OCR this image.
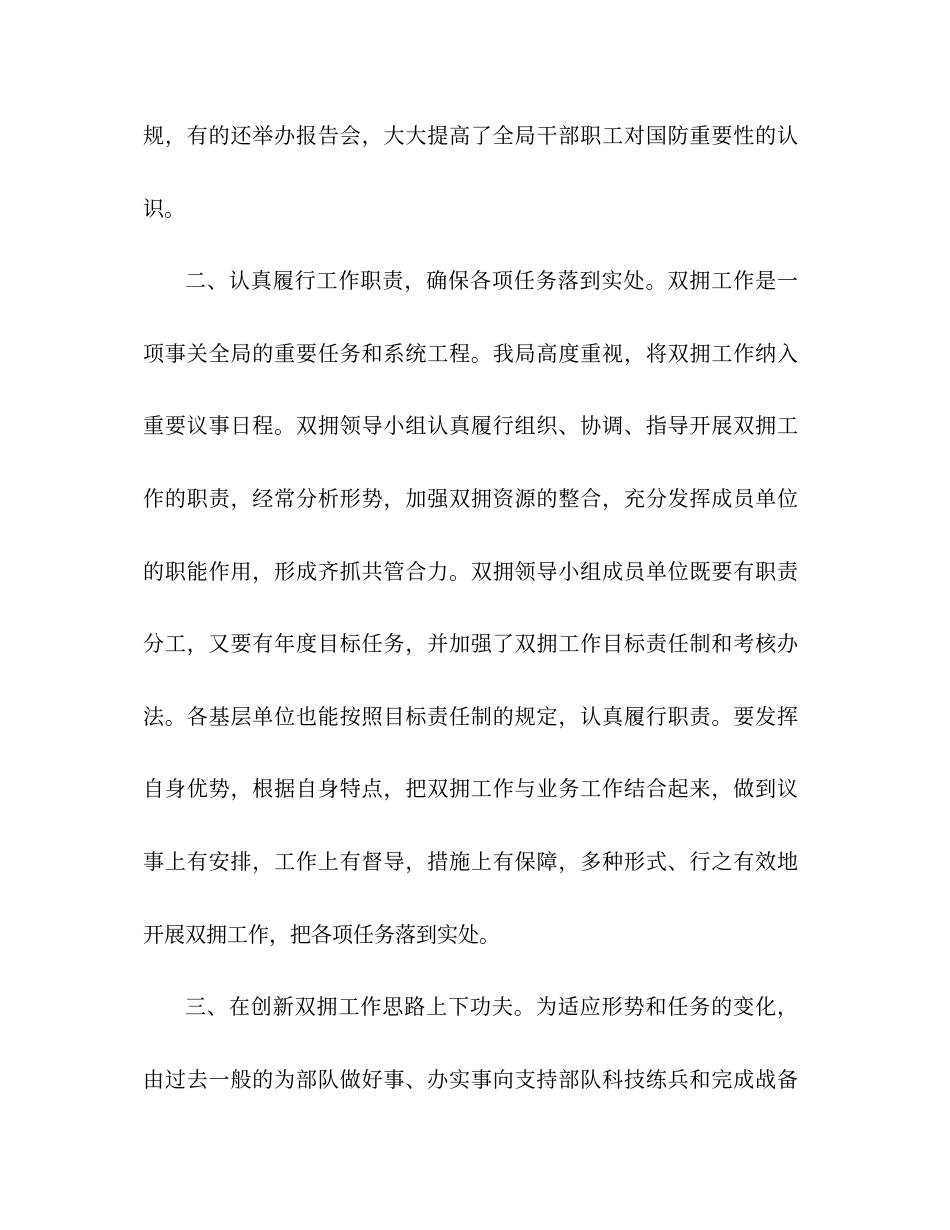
规，有的还举办报告会，大大提高了全局干部职工对国防重要性的认
识。
二、认真履行工作职责，确保各项任务落到实处。双拥工作是一
项事关全局的重要任务和系统工程。我局高度重视，将双拥工作纳入
重要议事日程。双拥领导小组认真履行组织、协调、指导开展双拥工
作的职责，经常分析形势，加强双拥资源的整合，充分发挥成员单位
的职能作用，形成齐抓共管合力。双拥领导小组成员单位既要有职责
分工，又要有年度目标任务，并加强了双拥工作目标责任制和考核办
法。各基层单位也能按照目标责任制的规定，认真履行职责。要发挥
自身优势，根据自身特点，把双拥工作与业务工作结合起来，做到议
事上有安排，工作上有督导，措施上有保障，多种形式、行之有效地
开展双拥工作，把各项任务落到实处。
三、在创新双拥工作思路上下功夫。为适应形势和任务的变化，
由过去一般的为部队做好事、办实事向支持部队科技练兵和完成战备
